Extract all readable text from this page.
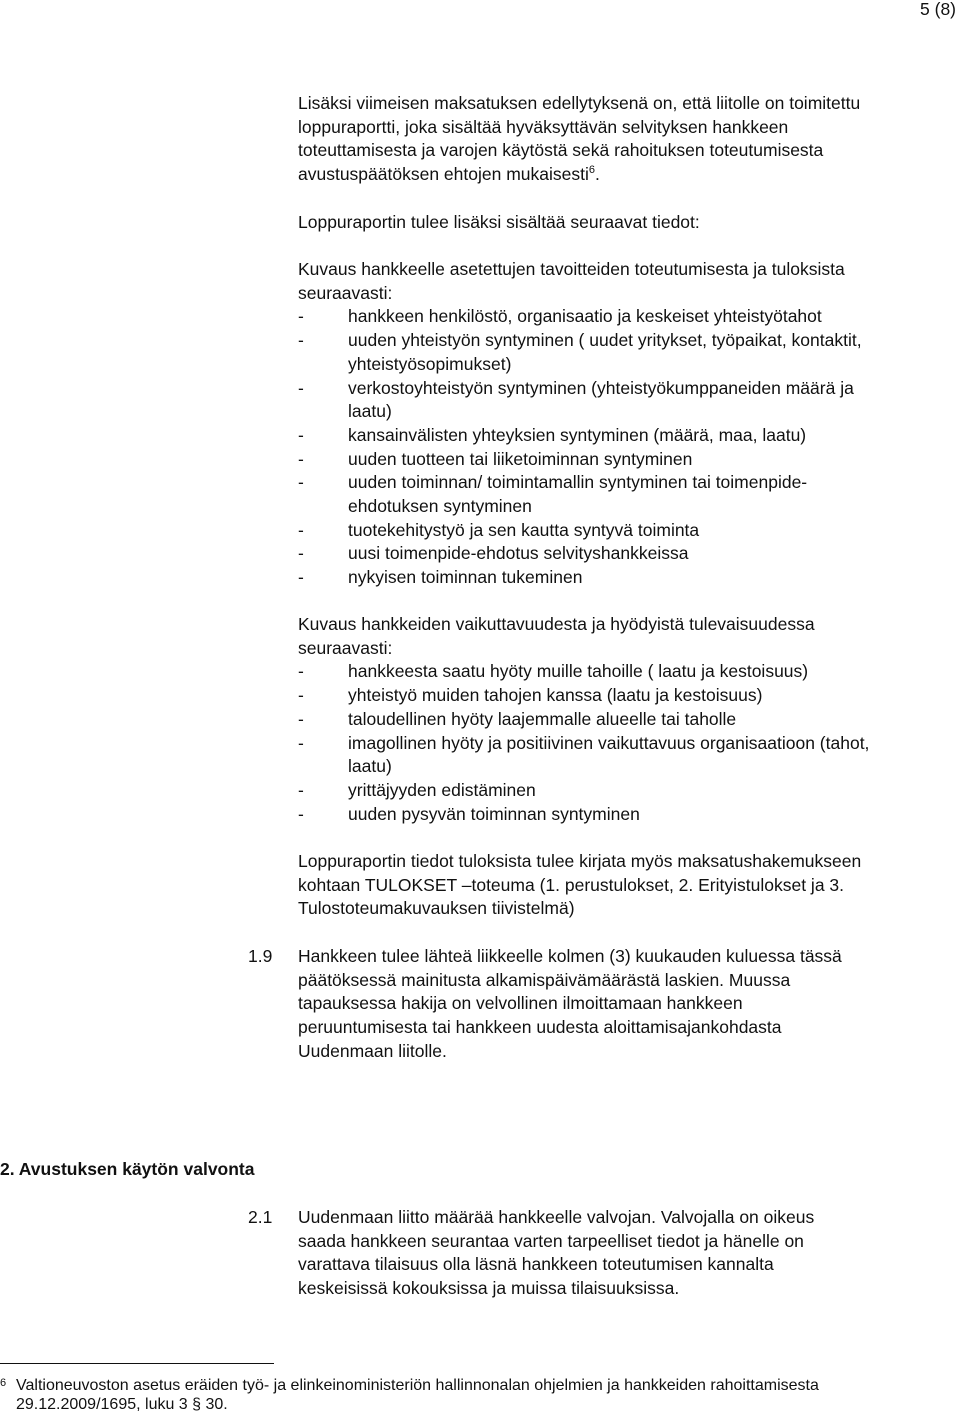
5 (8)
Lisäksi viimeisen maksatuksen edellytyksenä on, että liitolle on toimitettu
loppuraportti, joka sisältää hyväksyttävän selvityksen hankkeen
toteuttamisesta ja varojen käytöstä sekä rahoituksen toteutumisesta
avustuspäätöksen ehtojen mukaisesti$^6$.
Loppuraportin tulee lisäksi sisältää seuraavat tiedot:
Kuvaus hankkeelle asetettujen tavoitteiden toteutumisesta ja tuloksista
seuraavasti:
-	hankkeen henkilöstö, organisaatio ja keskeiset yhteistyötahot
-	uuden yhteistyön syntyminen ( uudet yritykset, työpaikat, kontaktit,
yhteistyösopimukset)
-	verkostoyhteistyön syntyminen (yhteistyökumppaneiden määrä ja
laatu)
-	kansainvälisten yhteyksien syntyminen (määrä, maa, laatu)
-	uuden tuotteen tai liiketoiminnan syntyminen
-	uuden toiminnan/ toimintamallin syntyminen tai toimenpide-
ehdotuksen syntyminen
-	tuotekehitystyö ja sen kautta syntyvä toiminta
-	uusi toimenpide-ehdotus selvityshankkeissa
-	nykyisen toiminnan tukeminen
Kuvaus hankkeiden vaikuttavuudesta ja hyödyistä tulevaisuudessa
seuraavasti:
-	hankkeesta saatu hyöty muille tahoille ( laatu ja kestoisuus)
-	yhteistyö muiden tahojen kanssa (laatu ja kestoisuus)
-	taloudellinen hyöty laajemmalle alueelle tai taholle
-	imagollinen hyöty ja positiivinen vaikuttavuus organisaatioon (tahot,
laatu)
-	yrittäjyyden edistäminen
-	uuden pysyvän toiminnan syntyminen
Loppuraportin tiedot tuloksista tulee kirjata myös maksatushakemukseen
kohtaan TULOKSET –toteuma (1. perustulokset, 2. Erityistulokset ja 3.
Tulostoteumakuvauksen tiivistelmä)
1.9 Hankkeen tulee lähteä liikkeelle kolmen (3) kuukauden kuluessa tässä
päätöksessä mainitusta alkamispäivämäärästä laskien. Muussa
tapauksessa hakija on velvollinen ilmoittamaan hankkeen
peruuntumisesta tai hankkeen uudesta aloittamisajankohdasta
Uudenmaan liitolle.
2. Avustuksen käytön valvonta
2.1 Uudenmaan liitto määrää hankkeelle valvojan. Valvojalla on oikeus
saada hankkeen seurantaa varten tarpeelliset tiedot ja hänelle on
varattava tilaisuus olla läsnä hankkeen toteutumisen kannalta
keskeisissä kokouksissa ja muissa tilaisuuksissa.
$^6$ Valtioneuvoston asetus eräiden työ- ja elinkeinoministeriön hallinnonalan ohjelmien ja hankkeiden rahoittamisesta
29.12.2009/1695, luku 3 § 30.
